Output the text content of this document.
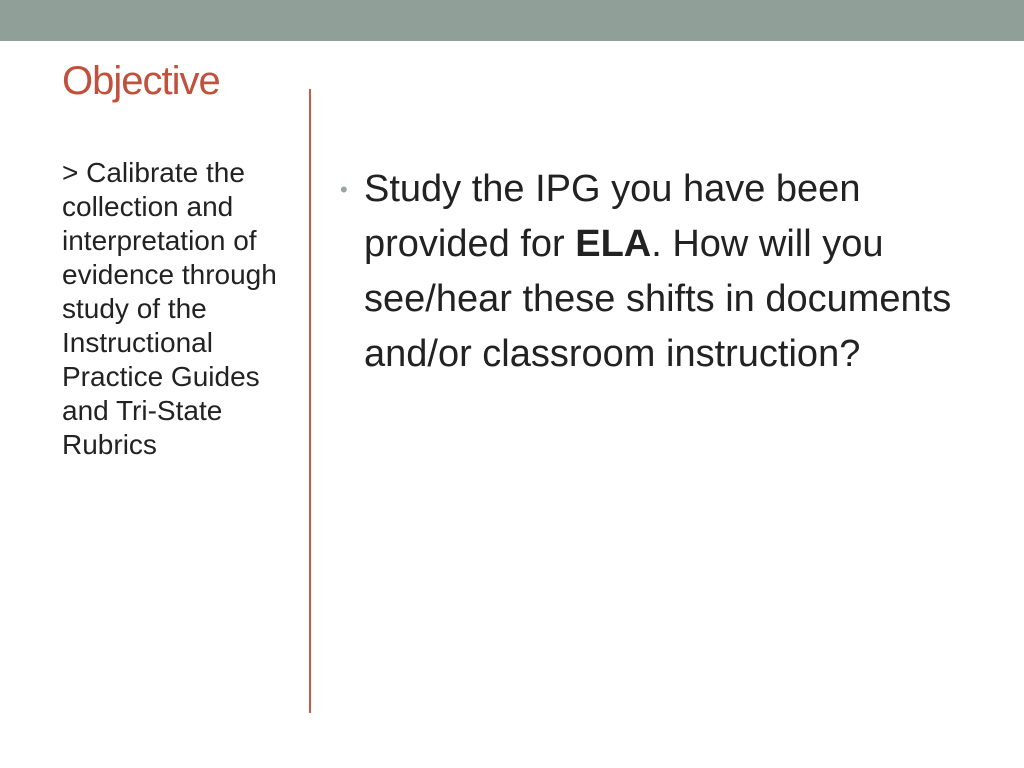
Objective

> Calibrate the collection and interpretation of evidence through study of the Instructional Practice Guides and Tri-State Rubrics

• Study the IPG you have been provided for ELA. How will you see/hear these shifts in documents and/or classroom instruction?
